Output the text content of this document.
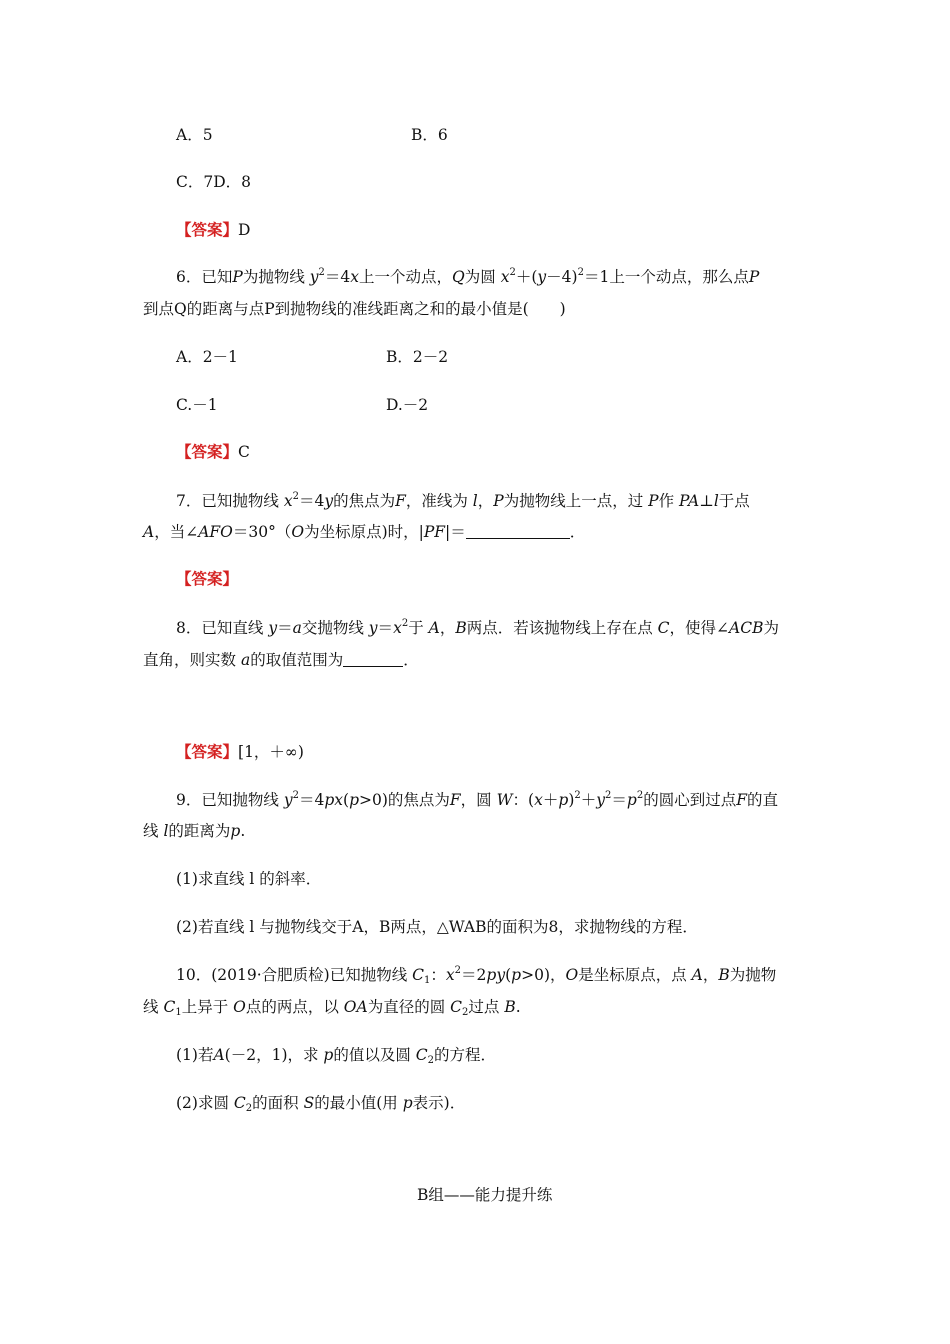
A．5	B．6
C．7D．8
【答案】D
6．已知P为抛物线 $y^2=4x$上一个动点，Q为圆 $x^2+(y-4)^2=1$上一个动点，那么点P
到点Q的距离与点P到抛物线的准线距离之和的最小值是(　　)
A．2－1	B．2－2
C.－1	D.－2
【答案】C
7．已知抛物线 $x^2=4y$的焦点为F，准线为 l，P为抛物线上一点，过 P作 PA⊥l于点
A，当∠AFO＝30°（O为坐标原点)时，|PF|＝	．
【答案】
8．已知直线 y＝a交抛物线 $y=x^2$于 A，B两点．若该抛物线上存在点 C，使得∠ACB为
直角，则实数 a的取值范围为	．
【答案】[1，＋∞)
9．已知抛物线 $y^2=4px(p>0)$的焦点为F，圆 W：$(x+p)^2+y^2=p^2$的圆心到过点F的直
线 l的距离为p.
(1)求直线 l 的斜率．
(2)若直线 l 与抛物线交于A，B两点，△WAB的面积为8，求抛物线的方程．
10．(2019·合肥质检)已知抛物线 $C_1$：$x^2=2py(p>0)$，O是坐标原点，点 A，B为抛物
线 $C_1$上异于 O点的两点，以 OA为直径的圆 $C_2$过点 B.
(1)若A(－2，1)，求 p的值以及圆 $C_2$的方程．
(2)求圆 $C_2$的面积 S的最小值(用 p表示)．
B组——能力提升练
